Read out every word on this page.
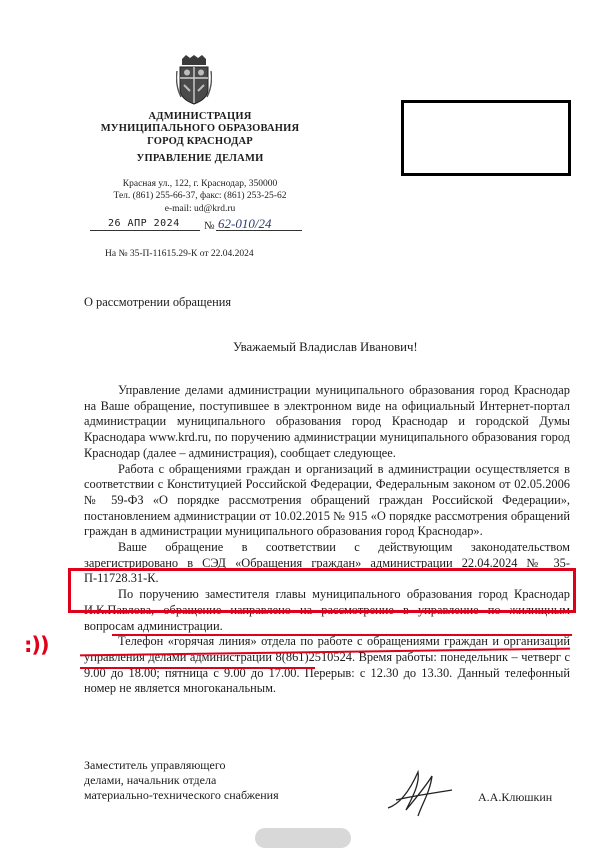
АДМИНИСТРАЦИЯ
МУНИЦИПАЛЬНОГО ОБРАЗОВАНИЯ
ГОРОД КРАСНОДАР
УПРАВЛЕНИЕ ДЕЛАМИ
Красная ул., 122, г. Краснодар, 350000
Тел. (861) 255-66-37, факс: (861) 253-25-62
e-mail: ud@krd.ru
26 АПР 2024 № 62-010/24
На № 35-П-11615.29-К от 22.04.2024
О рассмотрении обращения
Уважаемый Владислав Иванович!

Управление делами администрации муниципального образования город Краснодар на Ваше обращение, поступившее в электронном виде на официальный Интернет-портал администрации муниципального образования город Краснодар и городской Думы Краснодара www.krd.ru, по поручению администрации муниципального образования город Краснодар (далее – администрация), сообщает следующее.

Работа с обращениями граждан и организаций в администрации осуществляется в соответствии с Конституцией Российской Федерации, Федеральным законом от 02.05.2006 № 59-ФЗ «О порядке рассмотрения обращений граждан Российской Федерации», постановлением администрации от 10.02.2015 № 915 «О порядке рассмотрения обращений граждан в администрации муниципального образования город Краснодар».

Ваше обращение в соответствии с действующим законодательством зарегистрировано в СЭД «Обращения граждан» администрации 22.04.2024 № 35-П-11728.31-К.

По поручению заместителя главы муниципального образования город Краснодар И.К.Павлова, обращение направлено на рассмотрение в управление по жилищным вопросам администрации.

Телефон «горячая линия» отдела по работе с обращениями граждан и организаций управления делами администрации 8(861)2510524. Время работы: понедельник – четверг с 9.00 до 18.00; пятница с 9.00 до 17.00. Перерыв: с 12.30 до 13.30. Данный телефонный номер не является многоканальным.

:))
Заместитель управляющего
делами, начальник отдела
материально-технического снабжения	А.А.Клюшкин
